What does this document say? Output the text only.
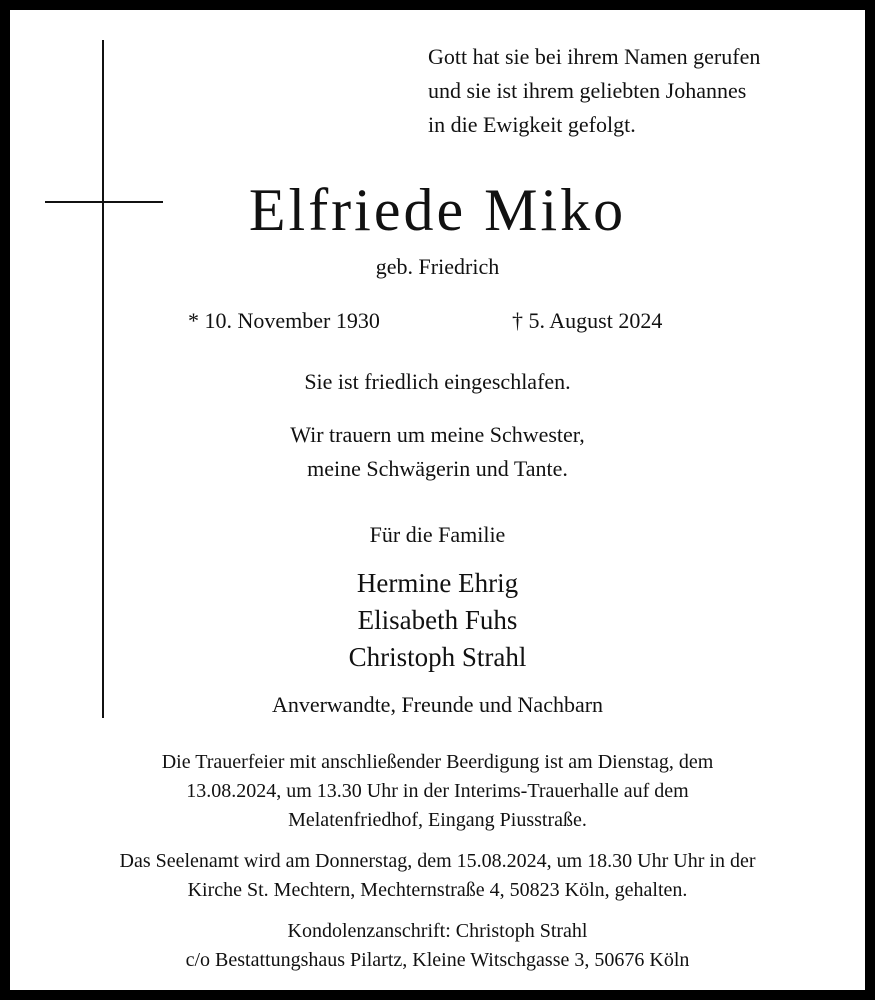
Gott hat sie bei ihrem Namen gerufen
und sie ist ihrem geliebten Johannes
in die Ewigkeit gefolgt.
Elfriede Miko
geb. Friedrich
* 10. November 1930	† 5. August 2024
Sie ist friedlich eingeschlafen.
Wir trauern um meine Schwester,
meine Schwägerin und Tante.
Für die Familie
Hermine Ehrig
Elisabeth Fuhs
Christoph Strahl
Anverwandte, Freunde und Nachbarn
Die Trauerfeier mit anschließender Beerdigung ist am Dienstag, dem
13.08.2024, um 13.30 Uhr in der Interims-Trauerhalle auf dem
Melatenfriedhof, Eingang Piusstraße.
Das Seelenamt wird am Donnerstag, dem 15.08.2024, um 18.30 Uhr Uhr in der
Kirche St. Mechtern, Mechternstraße 4, 50823 Köln, gehalten.
Kondolenzanschrift: Christoph Strahl
c/o Bestattungshaus Pilartz, Kleine Witschgasse 3, 50676 Köln
